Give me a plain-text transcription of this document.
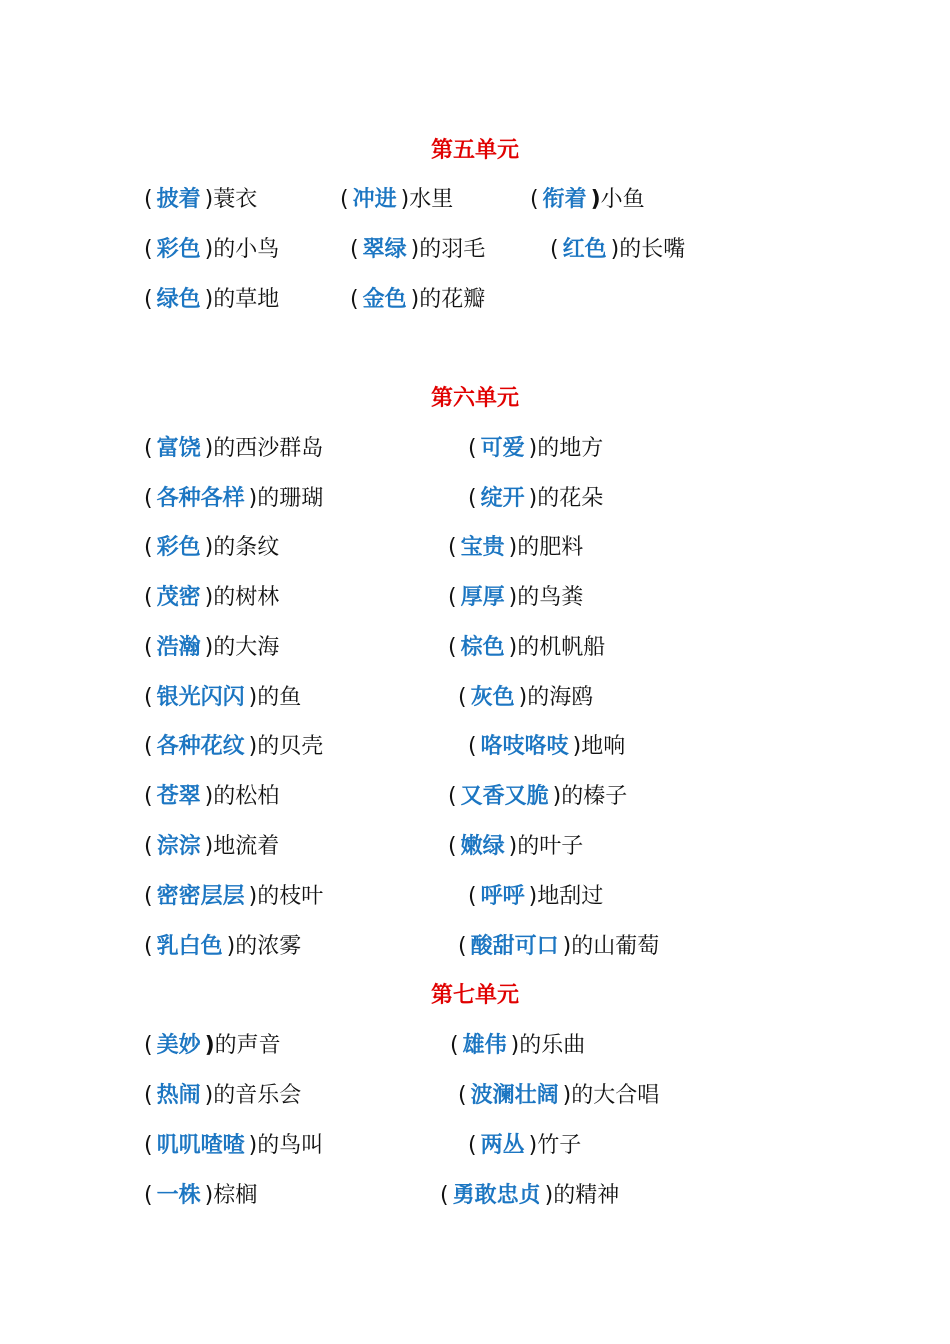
第五单元
( 披着 )蓑衣	( 冲进 )水里	( 衔着 )小鱼
( 彩色 )的小鸟	( 翠绿 )的羽毛	( 红色 )的长嘴
( 绿色 )的草地	( 金色 )的花瓣
第六单元
( 富饶 )的西沙群岛	( 可爱 )的地方
( 各种各样 )的珊瑚	( 绽开 )的花朵
( 彩色 )的条纹	( 宝贵 )的肥料
( 茂密 )的树林	( 厚厚 )的鸟粪
( 浩瀚 )的大海	( 棕色 )的机帆船
( 银光闪闪 )的鱼	( 灰色 )的海鸥
( 各种花纹 )的贝壳	( 咯吱咯吱 )地响
( 苍翠 )的松柏	( 又香又脆 )的榛子
( 淙淙 )地流着	( 嫩绿 )的叶子
( 密密层层 )的枝叶	( 呼呼 )地刮过
( 乳白色 )的浓雾	( 酸甜可口 )的山葡萄
第七单元
( 美妙 )的声音	( 雄伟 )的乐曲
( 热闹 )的音乐会	( 波澜壮阔 )的大合唱
( 叽叽喳喳 )的鸟叫	( 两丛 )竹子
( 一株 )棕榈	( 勇敢忠贞 )的精神
